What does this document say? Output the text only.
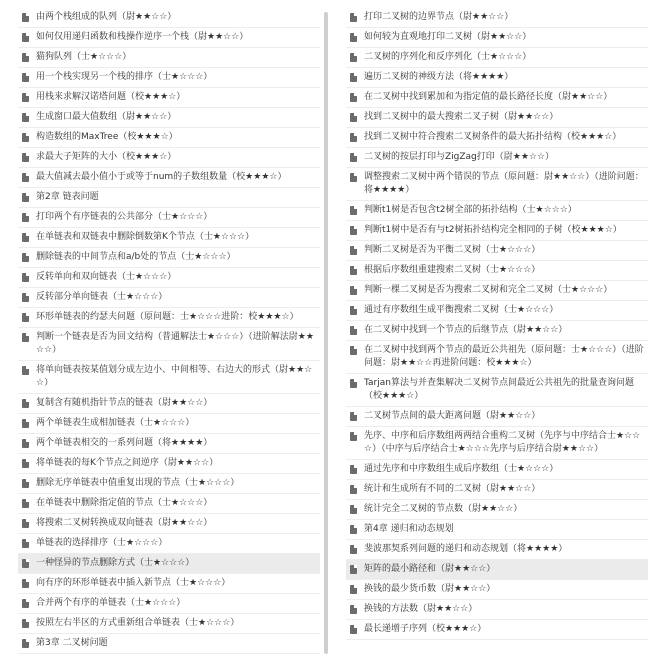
由两个栈组成的队列（尉★★☆☆）
如何仅用递归函数和栈操作逆序一个栈（尉★★☆☆）
猫狗队列（士★☆☆☆）
用一个栈实现另一个栈的排序（士★☆☆☆）
用栈来求解汉诺塔问题（校★★★☆）
生成窗口最大值数组（尉★★☆☆）
构造数组的MaxTree（校★★★☆）
求最大子矩阵的大小（校★★★☆）
最大值减去最小值小于或等于num的子数组数量（校★★★☆）
第2章 链表问题
打印两个有序链表的公共部分（士★☆☆☆）
在单链表和双链表中删除倒数第K个节点（士★☆☆☆）
删除链表的中间节点和a/b处的节点（士★☆☆☆）
反转单向和双向链表（士★☆☆☆）
反转部分单向链表（士★☆☆☆）
环形单链表的约瑟夫问题（原问题：士★☆☆☆进阶：校★★★☆）
判断一个链表是否为回文结构（普通解法士★☆☆☆）（进阶解法尉★★☆☆）
将单向链表按某值划分成左边小、中间相等、右边大的形式（尉★★☆☆）
复制含有随机指针节点的链表（尉★★☆☆）
两个单链表生成相加链表（士★☆☆☆）
两个单链表相交的一系列问题（将★★★★）
将单链表的每K个节点之间逆序（尉★★☆☆）
删除无序单链表中值重复出现的节点（士★☆☆☆）
在单链表中删除指定值的节点（士★☆☆☆）
将搜索二叉树转换成双向链表（尉★★☆☆）
单链表的选择排序（士★☆☆☆）
一种怪异的节点删除方式（士★☆☆☆）
向有序的环形单链表中插入新节点（士★☆☆☆）
合并两个有序的单链表（士★☆☆☆）
按照左右半区的方式重新组合单链表（士★☆☆☆）
第3章 二叉树问题
打印二叉树的边界节点（尉★★☆☆）
如何较为直观地打印二叉树（尉★★☆☆）
二叉树的序列化和反序列化（士★☆☆☆）
遍历二叉树的神级方法（将★★★★）
在二叉树中找到累加和为指定值的最长路径长度（尉★★☆☆）
找到二叉树中的最大搜索二叉子树（尉★★☆☆）
找到二叉树中符合搜索二叉树条件的最大拓扑结构（校★★★☆）
二叉树的按层打印与ZigZag打印（尉★★☆☆）
调整搜索二叉树中两个错误的节点（原问题：尉★★☆☆）（进阶问题：将★★★★）
判断t1树是否包含t2树全部的拓扑结构（士★☆☆☆）
判断t1树中是否有与t2树拓扑结构完全相同的子树（校★★★☆）
判断二叉树是否为平衡二叉树（士★☆☆☆）
根据后序数组重建搜索二叉树（士★☆☆☆）
判断一棵二叉树是否为搜索二叉树和完全二叉树（士★☆☆☆）
通过有序数组生成平衡搜索二叉树（士★☆☆☆）
在二叉树中找到一个节点的后继节点（尉★★☆☆）
在二叉树中找到两个节点的最近公共祖先（原问题：士★☆☆☆）（进阶问题：尉★★☆☆再进阶问题：校★★★☆）
Tarjan算法与并查集解决二叉树节点间最近公共祖先的批量查询问题（校★★★☆）
二叉树节点间的最大距离问题（尉★★☆☆）
先序、中序和后序数组两两结合重构二叉树（先序与中序结合士★☆☆☆）（中序与后序结合士★☆☆☆先序与后序结合尉★★☆☆）
通过先序和中序数组生成后序数组（士★☆☆☆）
统计和生成所有不同的二叉树（尉★★☆☆）
统计完全二叉树的节点数（尉★★☆☆）
第4章 递归和动态规划
斐波那契系列问题的递归和动态规划（将★★★★）
矩阵的最小路径和（尉★★☆☆）
换钱的最少货币数（尉★★☆☆）
换钱的方法数（尉★★☆☆）
最长递增子序列（校★★★☆）
